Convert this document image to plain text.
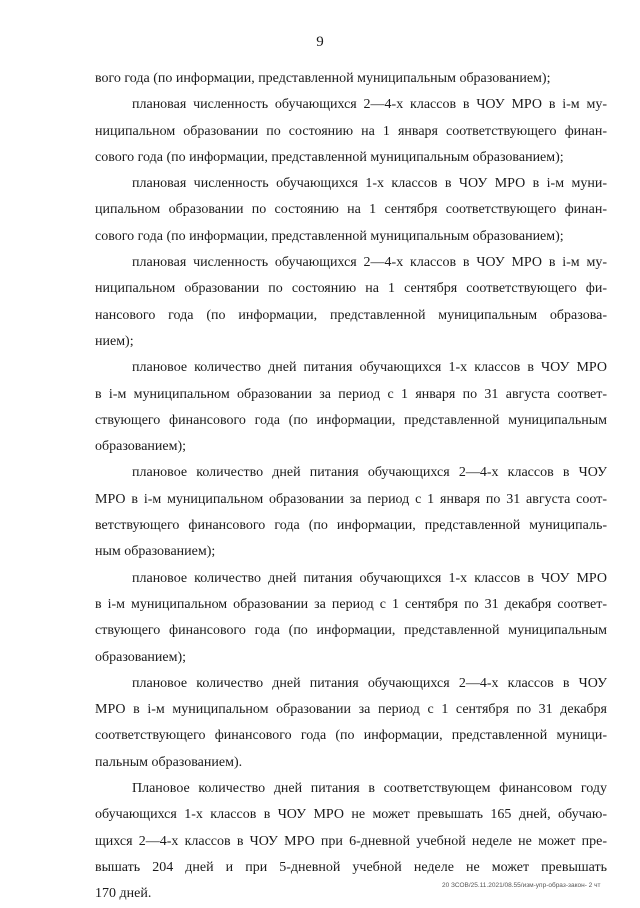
9
вого года (по информации, представленной муниципальным образованием);
плановая численность обучающихся 2—4-х классов в ЧОУ МРО в i-м му-
ниципальном образовании по состоянию на 1 января соответствующего финан-
сового года (по информации, представленной муниципальным образованием);
плановая численность обучающихся 1-х классов в ЧОУ МРО в i-м муни-
ципальном образовании по состоянию на 1 сентября соответствующего финан-
сового года (по информации, представленной муниципальным образованием);
плановая численность обучающихся 2—4-х классов в ЧОУ МРО в i-м му-
ниципальном образовании по состоянию на 1 сентября соответствующего фи-
нансового года (по информации, представленной муниципальным образова-
нием);
плановое количество дней питания обучающихся 1-х классов в ЧОУ МРО
в i-м муниципальном образовании за период с 1 января по 31 августа соответ-
ствующего финансового года (по информации, представленной муниципальным
образованием);
плановое количество дней питания обучающихся 2—4-х классов в ЧОУ
МРО в i-м муниципальном образовании за период с 1 января по 31 августа соот-
ветствующего финансового года (по информации, представленной муниципаль-
ным образованием);
плановое количество дней питания обучающихся 1-х классов в ЧОУ МРО
в i-м муниципальном образовании за период с 1 сентября по 31 декабря соответ-
ствующего финансового года (по информации, представленной муниципальным
образованием);
плановое количество дней питания обучающихся 2—4-х классов в ЧОУ
МРО в i-м муниципальном образовании за период с 1 сентября по 31 декабря
соответствующего финансового года (по информации, представленной муници-
пальным образованием).
Плановое количество дней питания в соответствующем финансовом году
обучающихся 1-х классов в ЧОУ МРО не может превышать 165 дней, обучаю-
щихся 2—4-х классов в ЧОУ МРО при 6-дневной учебной неделе не может пре-
вышать 204 дней и при 5-дневной учебной неделе не может превышать
170 дней.
20 ЗСОВ/25.11.2021/08.55/изм-упр-образ-закон- 2 чт
